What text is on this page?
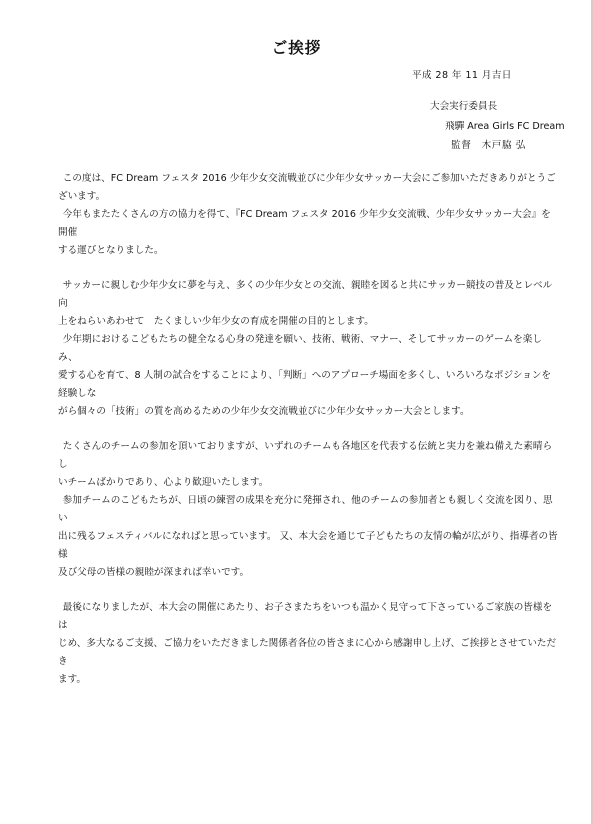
ご挨拶
平成 28 年 11 月吉日
大会実行委員長
飛驒 Area Girls FC Dream
監督　木戸脇 弘

この度は、FC Dream フェスタ 2016 少年少女交流戦並びに少年少女サッカー大会にご参加いただきありがとうご
ざいます。

今年もまたたくさんの方の協力を得て、『FC Dream フェスタ 2016 少年少女交流戦、少年少女サッカー大会』を開催
する運びとなりました。

サッカーに親しむ少年少女に夢を与え、多くの少年少女との交流、親睦を図ると共にサッカー競技の普及とレベル向
上をねらいあわせて　たくましい少年少女の育成を開催の目的とします。

少年期におけるこどもたちの健全なる心身の発達を願い、技術、戦術、マナー、そしてサッカーのゲームを楽しみ、
愛する心を育て、8 人制の試合をすることにより、「判断」へのアプローチ場面を多くし、いろいろなポジションを経験しな
がら個々の「技術」の質を高めるための少年少女交流戦並びに少年少女サッカー大会とします。

たくさんのチームの参加を頂いておりますが、いずれのチームも各地区を代表する伝統と実力を兼ね備えた素晴らし
いチームばかりであり、心より歓迎いたします。

参加チームのこどもたちが、日頃の練習の成果を充分に発揮され、他のチームの参加者とも親しく交流を図り、思い
出に残るフェスティバルになればと思っています。 又、本大会を通じて子どもたちの友情の輪が広がり、指導者の皆様
及び父母の皆様の親睦が深まれば幸いです。

最後になりましたが、本大会の開催にあたり、お子さまたちをいつも温かく見守って下さっているご家族の皆様をは
じめ、多大なるご支援、ご協力をいただきました関係者各位の皆さまに心から感謝申し上げ、ご挨拶とさせていただき
ます。
